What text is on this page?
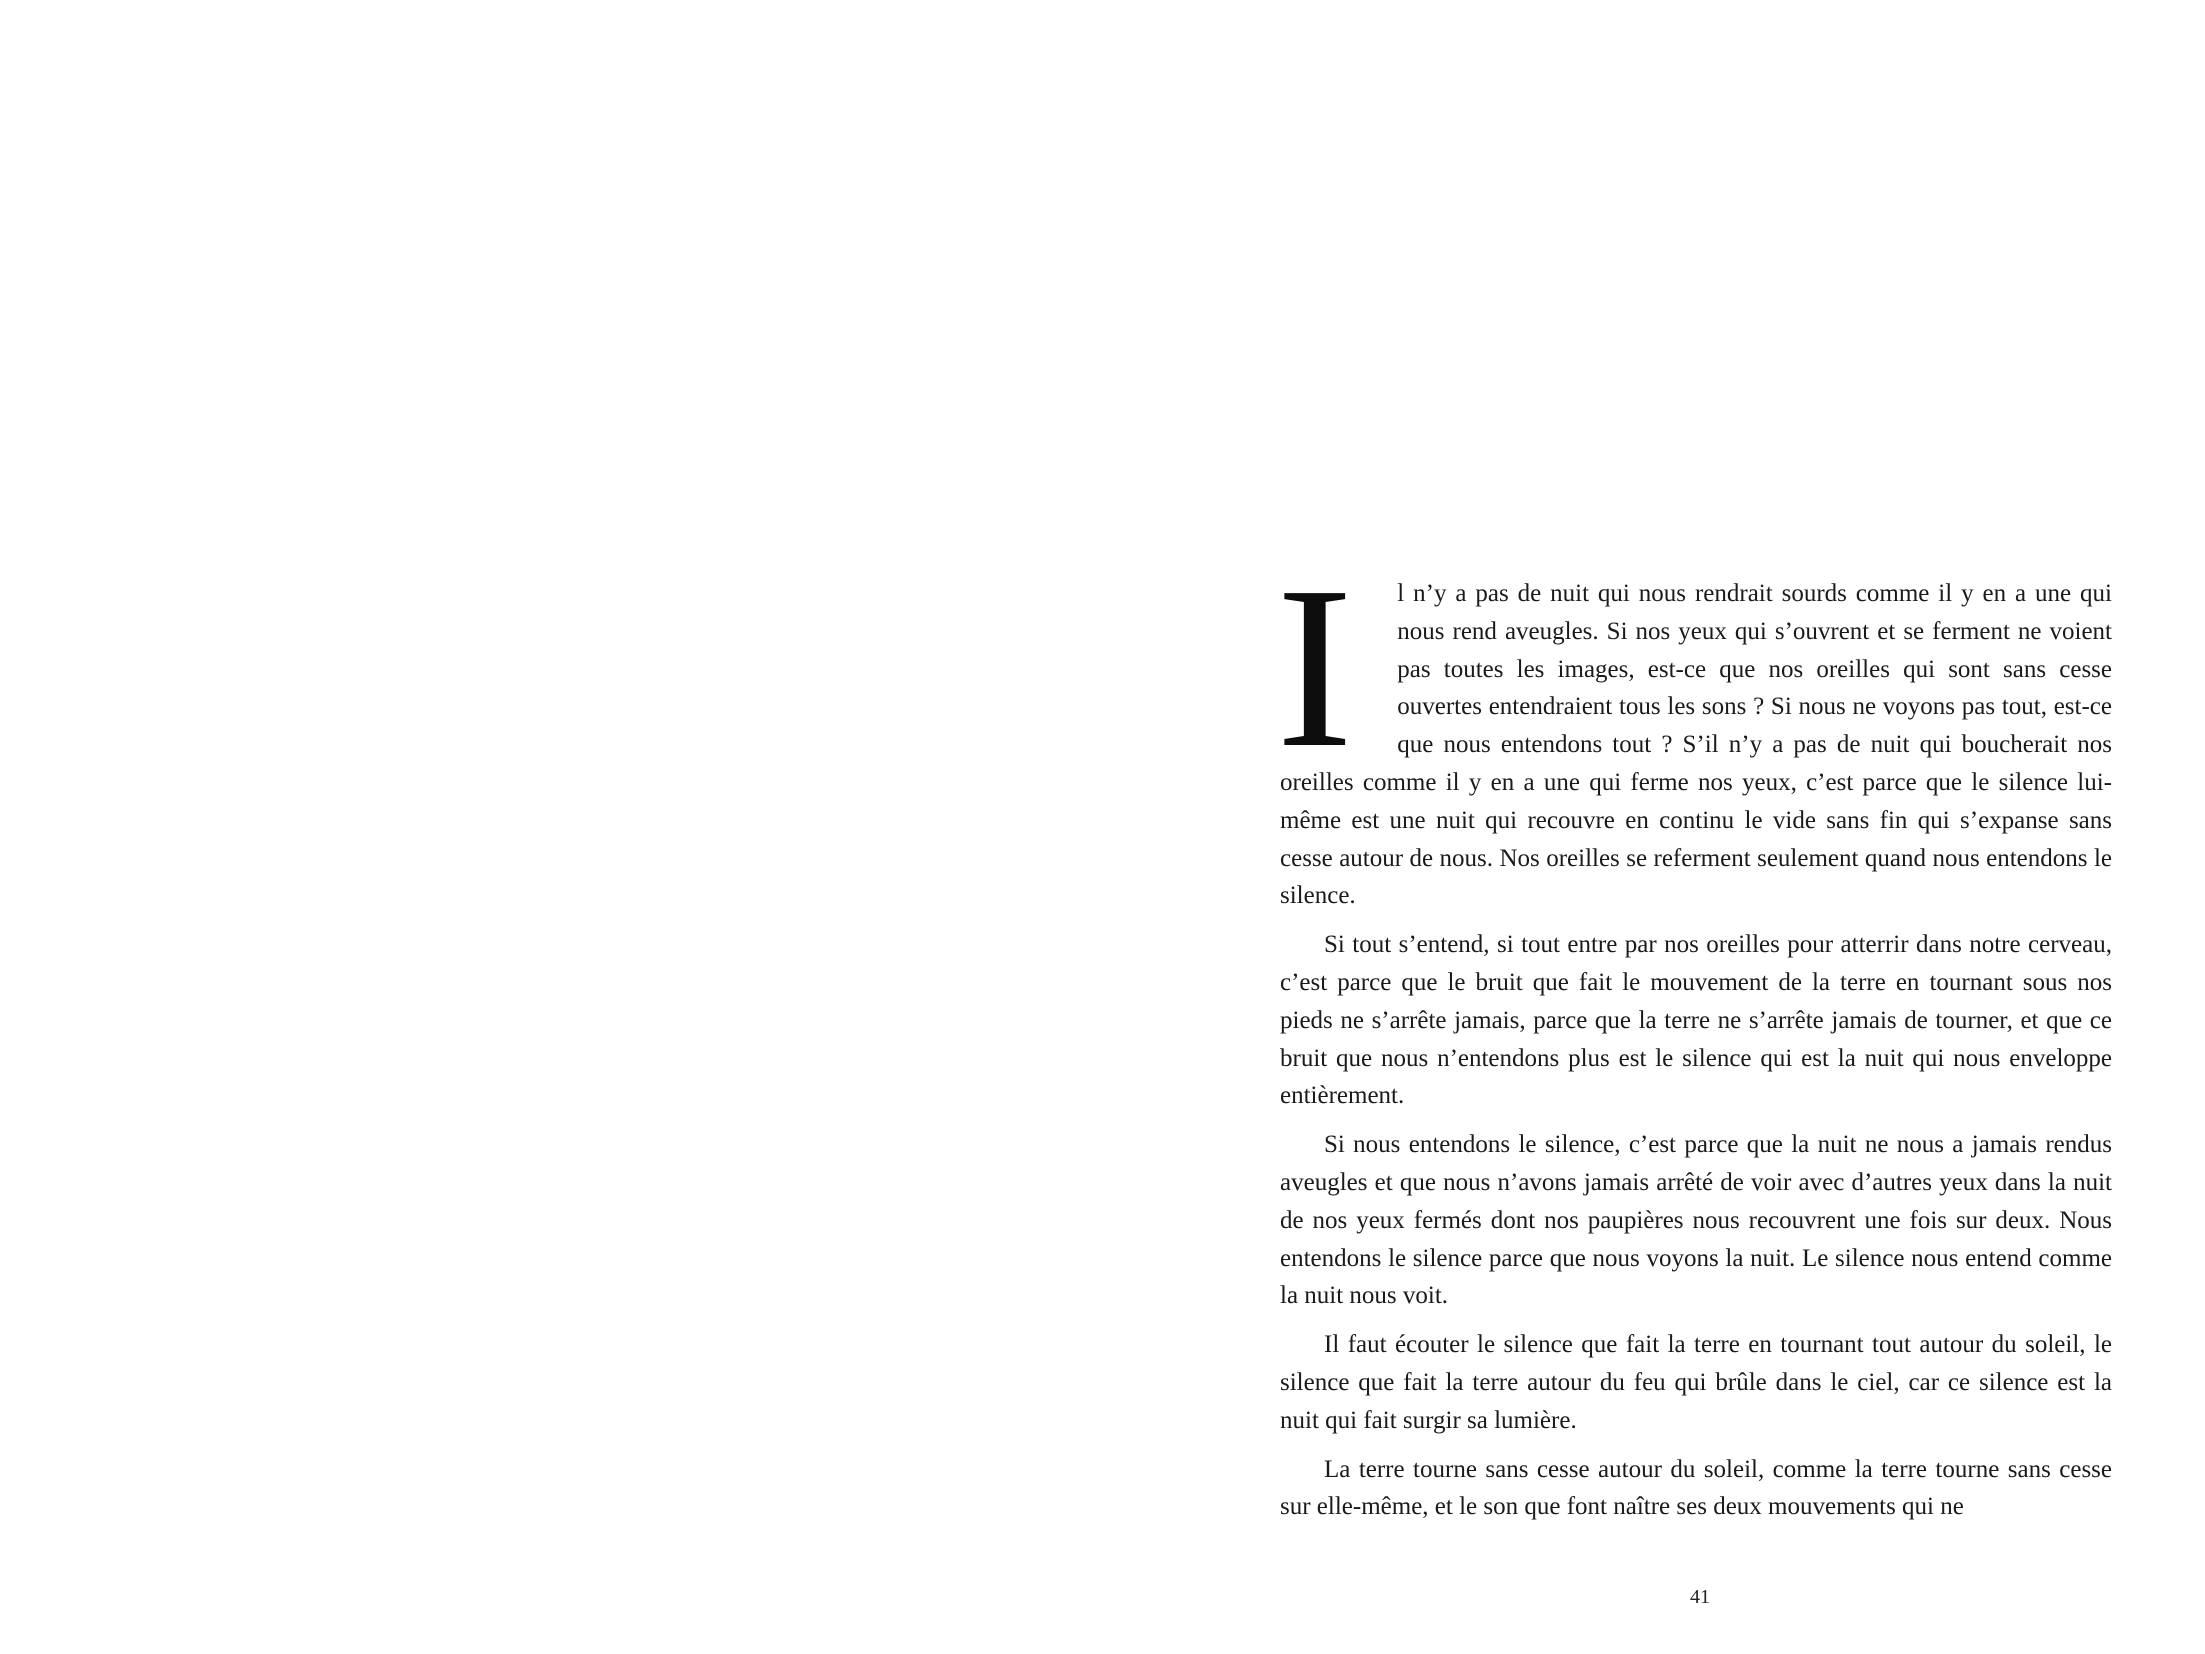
I l n’y a pas de nuit qui nous rendrait sourds comme il y en a une qui nous rend aveugles. Si nos yeux qui s’ouvrent et se ferment ne voient pas toutes les images, est-ce que nos oreilles qui sont sans cesse ouvertes entendraient tous les sons ? Si nous ne voyons pas tout, est-ce que nous entendons tout ? S’il n’y a pas de nuit qui boucherait nos oreilles comme il y en a une qui ferme nos yeux, c’est parce que le silence lui-même est une nuit qui recouvre en continu le vide sans fin qui s’expanse sans cesse autour de nous. Nos oreilles se referment seulement quand nous entendons le silence.

Si tout s’entend, si tout entre par nos oreilles pour atterrir dans notre cerveau, c’est parce que le bruit que fait le mouvement de la terre en tournant sous nos pieds ne s’arrête jamais, parce que la terre ne s’arrête jamais de tourner, et que ce bruit que nous n’entendons plus est le silence qui est la nuit qui nous enveloppe entièrement.

Si nous entendons le silence, c’est parce que la nuit ne nous a jamais rendus aveugles et que nous n’avons jamais arrêté de voir avec d’autres yeux dans la nuit de nos yeux fermés dont nos paupières nous recouvrent une fois sur deux. Nous entendons le silence parce que nous voyons la nuit. Le silence nous entend comme la nuit nous voit.

Il faut écouter le silence que fait la terre en tournant tout autour du soleil, le silence que fait la terre autour du feu qui brûle dans le ciel, car ce silence est la nuit qui fait surgir sa lumière.

La terre tourne sans cesse autour du soleil, comme la terre tourne sans cesse sur elle-même, et le son que font naître ses deux mouvements qui ne

41
